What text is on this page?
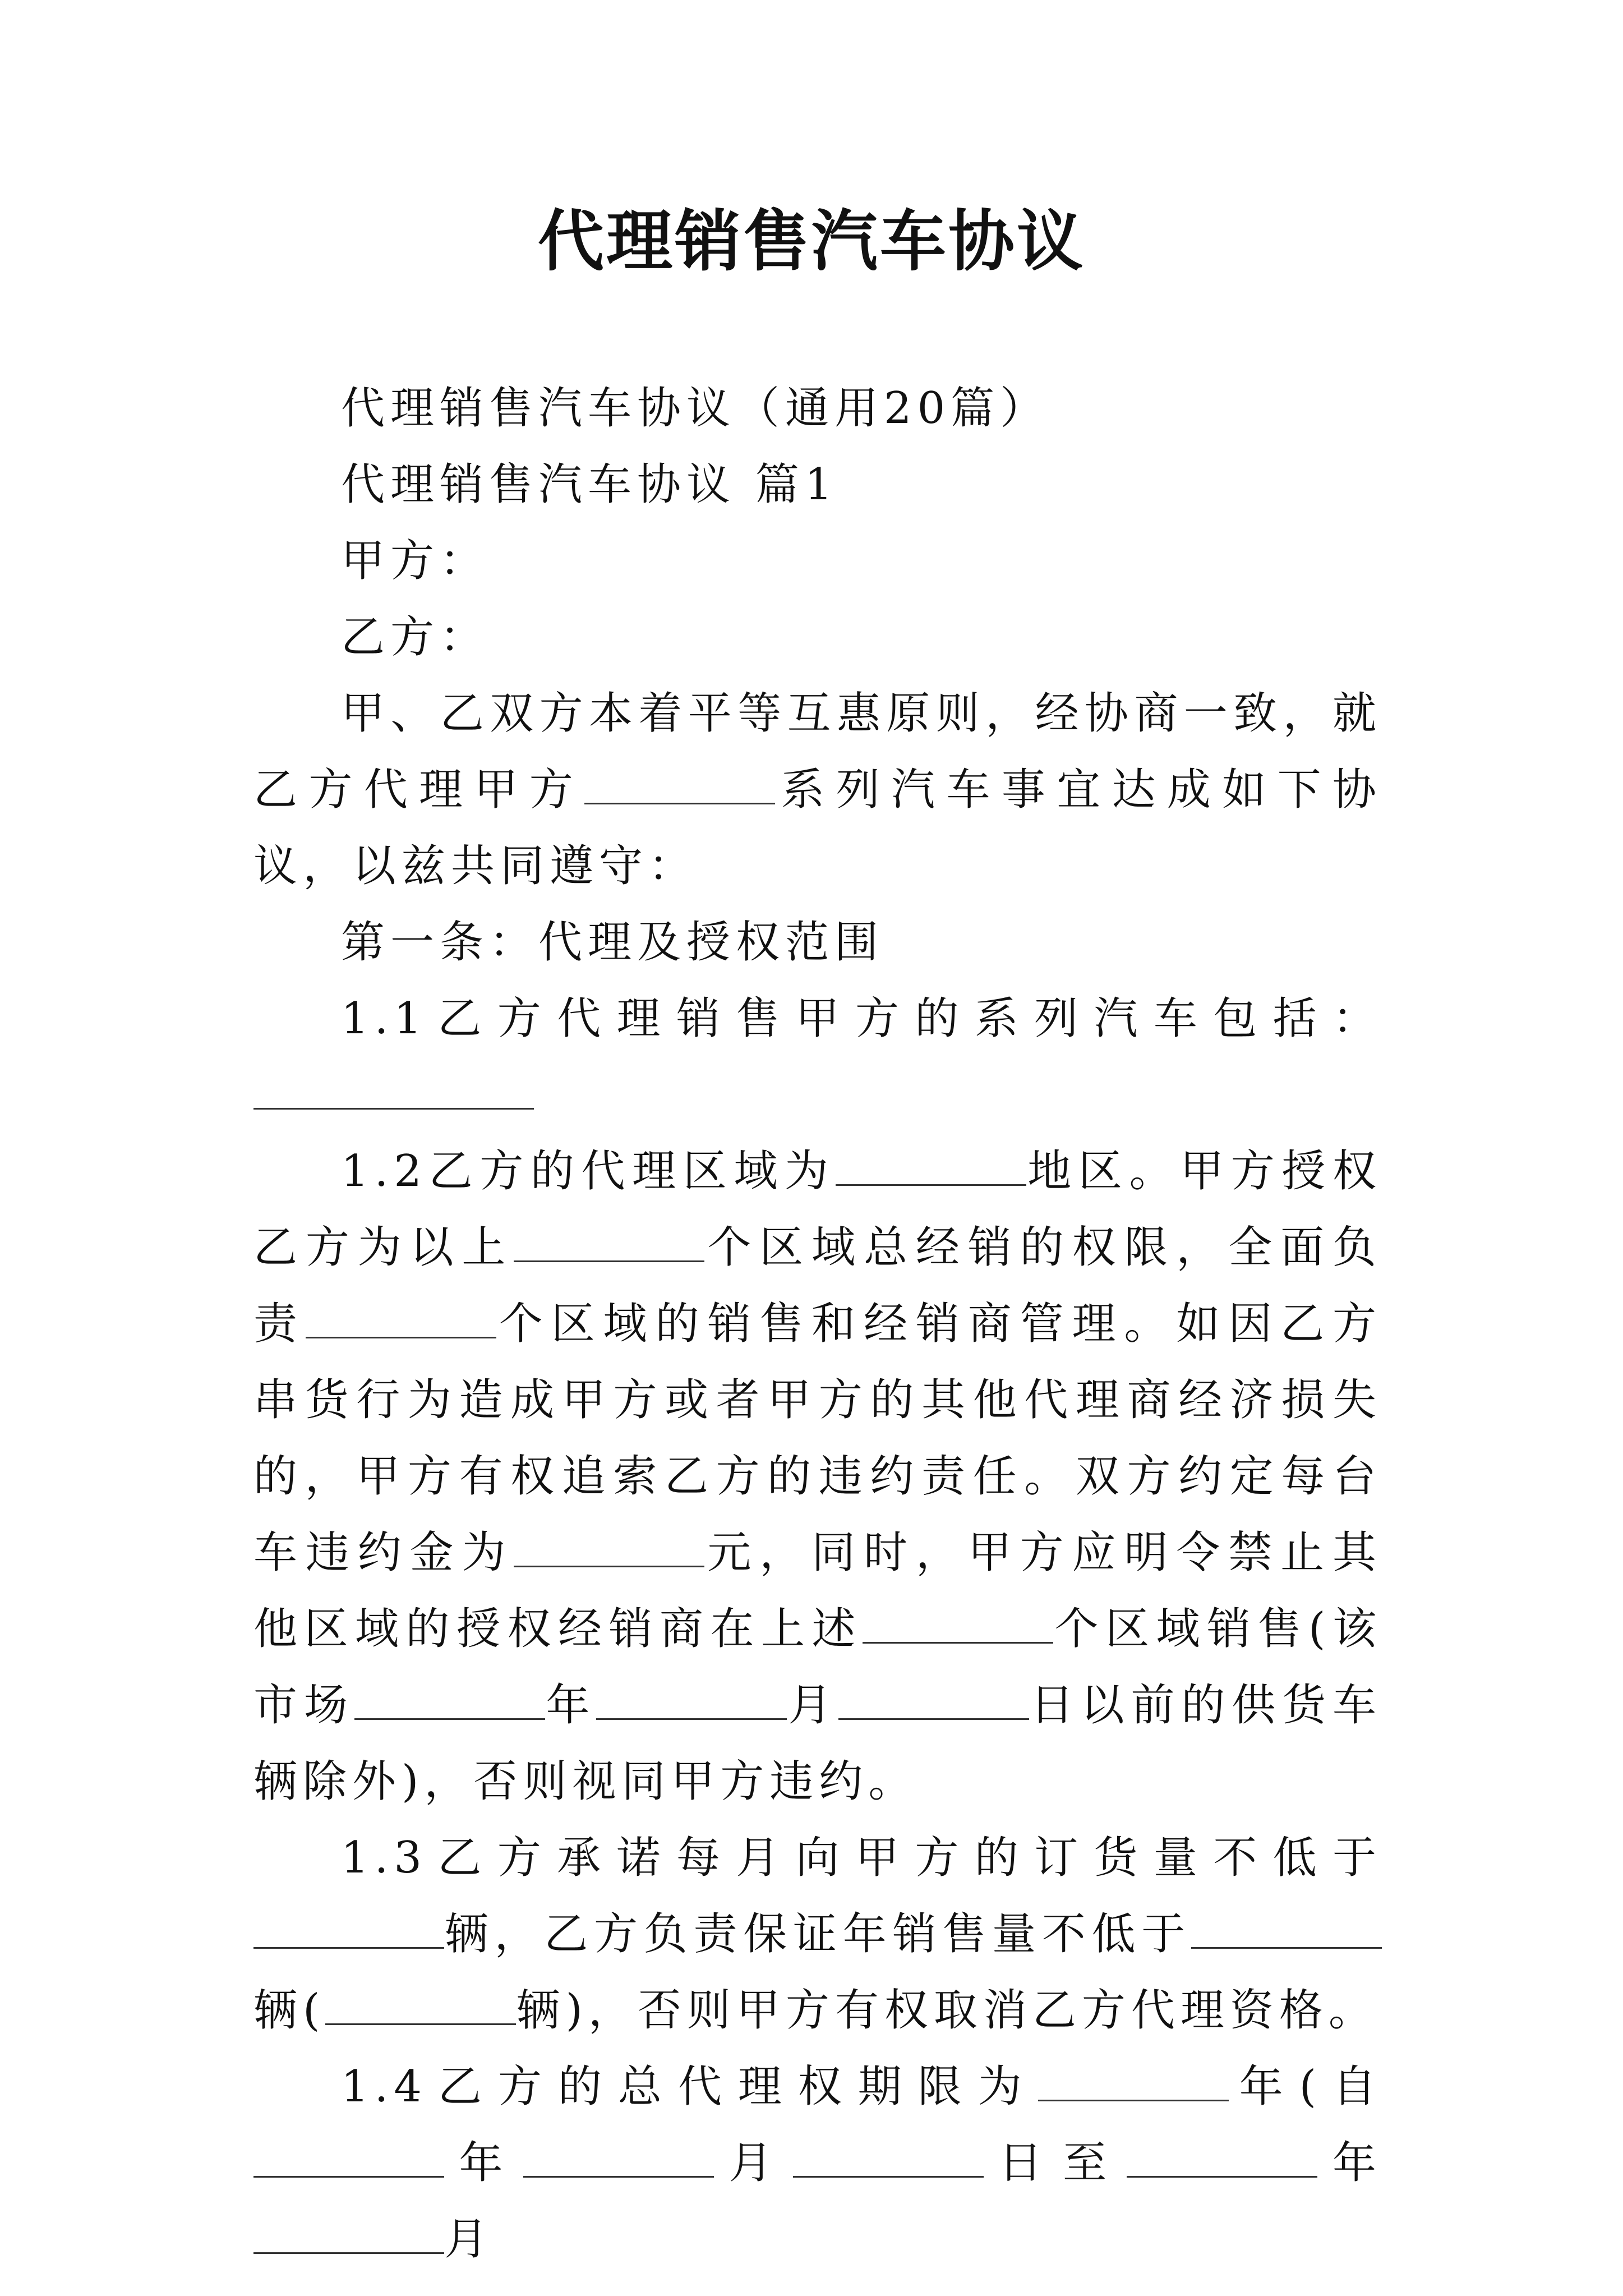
代理销售汽车协议

代理销售汽车协议（通用20篇）

代理销售汽车协议 篇1

甲方：

乙方：

甲、乙双方本着平等互惠原则，经协商一致，就乙方代理甲方	系列汽车事宜达成如下协议，以兹共同遵守：

第一条：代理及授权范围

1.1乙方代理销售甲方的系列汽车包括：

1.2乙方的代理区域为	地区。甲方授权乙方为以上	个区域总经销的权限，全面负责	个区域的销售和经销商管理。如因乙方串货行为造成甲方或者甲方的其他代理商经济损失的，甲方有权追索乙方的违约责任。双方约定每台车违约金为	元，同时，甲方应明令禁止其他区域的授权经销商在上述	个区域销售(该市场	年	月	日以前的供货车辆除外)，否则视同甲方违约。

1.3乙方承诺每月向甲方的订货量不低于辆，乙方负责保证年销售量不低于辆(	辆)，否则甲方有权取消乙方代理资格。

1.4乙方的总代理权期限为	年(自年	月	日至	年月
